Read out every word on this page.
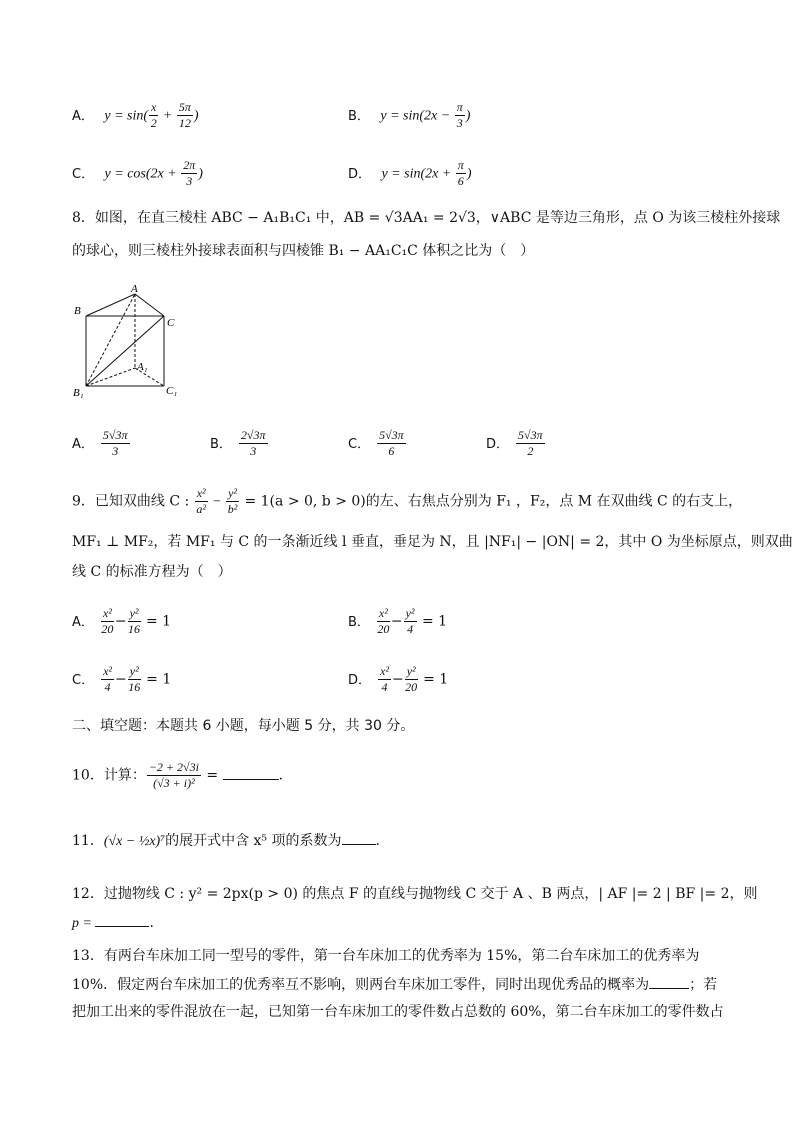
A． $y = \sin( \frac{x}{2} + \frac{5\pi}{12}$ )	B． $y = \sin(2x - \frac{\pi}{3}$ )
C． $y = \cos(2x + \frac{2\pi}{3}$ )	D． $y = \sin(2x + \frac{\pi}{6}$ )
8．如图，在直三棱柱 ABC − A₁B₁C₁ 中，AB = √3AA₁ = 2√3，∨ABC 是等边三角形，点 O 为该三棱柱外接球
的球心，则三棱柱外接球表面积与四棱锥 B₁ − AA₁C₁C 体积之比为（　）
A
B
C
A₁
B₁	C₁
A． $\frac{5√3\pi}{3}$	B． $\frac{2√3\pi}{3}$	C． $\frac{5√3\pi}{6}$	D． $\frac{5√3\pi}{2}$
9．已知双曲线 C : $\frac{\text{x²}}{\text{a²}} - \frac{\text{y²}}{\text{b²}} = 1(a > 0$, b > 0)的左、右焦点分别为 F₁ ，F₂，点 M 在双曲线 C 的右支上，
MF₁ ⊥ MF₂，若 MF₁ 与 C 的一条渐近线 l 垂直，垂足为 N，且 |NF₁| − |ON| = 2，其中 O 为坐标原点，则双曲
线 C 的标准方程为（　）
A． $\frac{\text{x²}}{20} - \frac{\text{y²}}{16} = 1$	B． $\frac{\text{x²}}{20} - \frac{\text{y²}}{4} = 1$
C． $\frac{\text{x²}}{4} - \frac{\text{y²}}{16} = 1$	D． $\frac{\text{x²}}{4} - \frac{\text{y²}}{20} = 1$
二、填空题：本题共 6 小题，每小题 5 分，共 30 分。
10．计算： $\frac{-2 + 2√3i}{\text{(√3 + i)²}}$ =	.
11．(√x − ½x)⁷的展开式中含 x⁵ 项的系数为 .
12．过抛物线 C : y² = 2px(p > 0) 的焦点 F 的直线与抛物线 C 交于 A 、B 两点，| AF |= 2 | BF |= 2，则
p =	.
13．有两台车床加工同一型号的零件，第一台车床加工的优秀率为 15%，第二台车床加工的优秀率为
10%．假定两台车床加工的优秀率互不影响，则两台车床加工零件，同时出现优秀品的概率为	；若
把加工出来的零件混放在一起，已知第一台车床加工的零件数占总数的 60%，第二台车床加工的零件数占
